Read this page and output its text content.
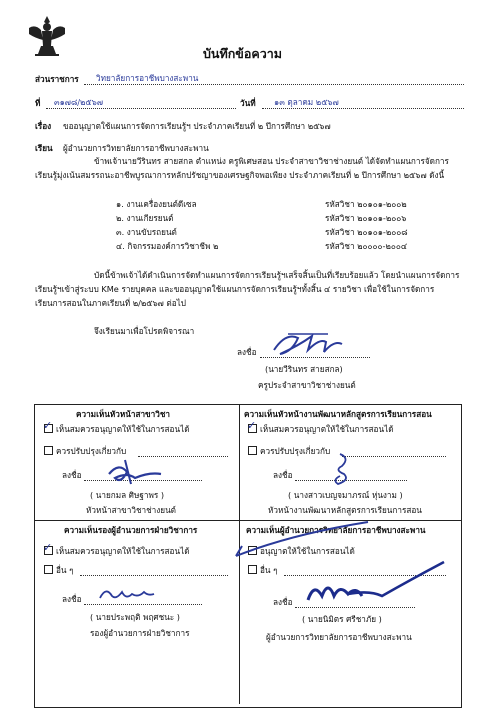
บันทึกข้อความ
ส่วนราชการ วิทยาลัยการอาชีพบางสะพาน
ที่ ๓๑๗๘/๒๕๖๗	วันที่ ๑๓ ตุลาคม ๒๕๖๗
เรื่อง ขออนุญาตใช้แผนการจัดการเรียนรู้ฯ ประจำภาคเรียนที่ ๒ ปีการศึกษา ๒๕๖๗
เรียน ผู้อำนวยการวิทยาลัยการอาชีพบางสะพาน
ข้าพเจ้านายวีรินทร สายสกล ตำแหน่ง ครูพิเศษสอน ประจำสาขาวิชาช่างยนต์ ได้จัดทำแผนการจัดการ
เรียนรู้มุ่งเน้นสมรรถนะอาชีพบูรณาการหลักปรัชญาของเศรษฐกิจพอเพียง ประจำภาคเรียนที่ ๒ ปีการศึกษา ๒๕๖๗ ดังนี้
๑. งานเครื่องยนต์ดีเซล	รหัสวิชา ๒๐๑๐๑-๒๐๐๒
๒. งานเกียรยนต์	รหัสวิชา ๒๐๑๐๑-๒๐๐๖
๓. งานขับรถยนต์	รหัสวิชา ๒๐๑๐๑-๒๐๐๘
๔. กิจกรรมองค์การวิชาชีพ ๒	รหัสวิชา ๒๐๐๐๐-๒๐๐๔
บัดนี้ข้าพเจ้าได้ดำเนินการจัดทำแผนการจัดการเรียนรู้ฯเสร็จสิ้นเป็นที่เรียบร้อยแล้ว โดยนำแผนการจัดการ
เรียนรู้ฯเข้าสู่ระบบ KMe รายบุคคล และขออนุญาตใช้แผนการจัดการเรียนรู้ฯทั้งสิ้น ๔ รายวิชา เพื่อใช้ในการจัดการ
เรียนการสอนในภาคเรียนที่ ๒/๒๕๖๗ ต่อไป
จึงเรียนมาเพื่อโปรดพิจารณา
ลงชื่อ
(นายวีรินทร สายสกล)
ครูประจำสาขาวิชาช่างยนต์
ความเห็นหัวหน้าสาขาวิชา
✓ เห็นสมควรอนุญาตให้ใช้ในการสอนได้
ควรปรับปรุงเกี่ยวกับ
ลงชื่อ
( นายกมล ศิษฐาพร )
หัวหน้าสาขาวิชาช่างยนต์
ความเห็นหัวหน้างานพัฒนาหลักสูตรการเรียนการสอน
✓ เห็นสมควรอนุญาตให้ใช้ในการสอนได้
ควรปรับปรุงเกี่ยวกับ
ลงชื่อ
( นางสาวเบญจมาภรณ์ หุ่นงาม )
หัวหน้างานพัฒนาหลักสูตรการเรียนการสอน
ความเห็นรองผู้อำนวยการฝ่ายวิชาการ
✓ เห็นสมควรอนุญาตให้ใช้ในการสอนได้
อื่น ๆ
ลงชื่อ
( นายประพฤติ พฤศชนะ )
รองผู้อำนวยการฝ่ายวิชาการ
ความเห็นผู้อำนวยการวิทยาลัยการอาชีพบางสะพาน
อนุญาตให้ใช้ในการสอนได้
อื่น ๆ
ลงชื่อ
( นายนิมิตร ศรีชาภัย )
ผู้อำนวยการวิทยาลัยการอาชีพบางสะพาน
